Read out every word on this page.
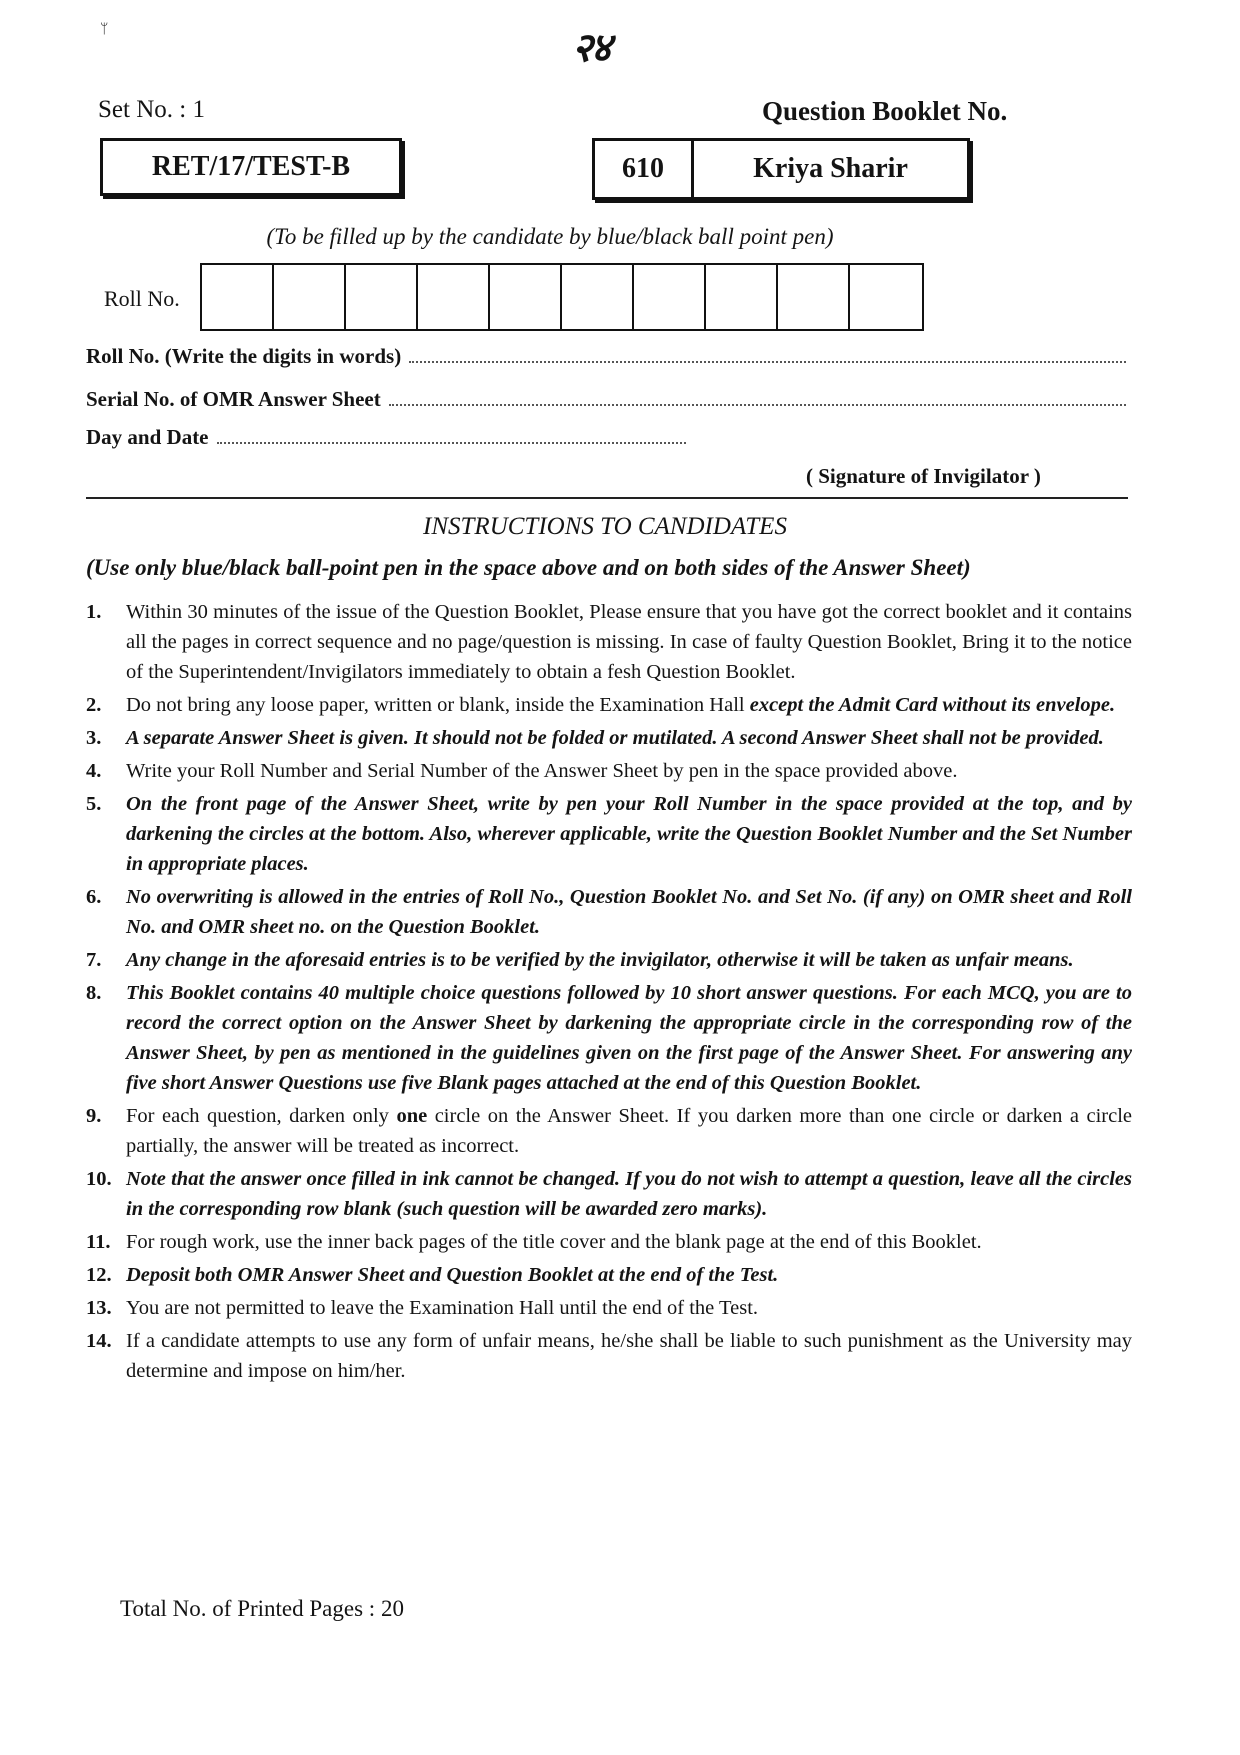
ᛘ	२४
Set No. : 1	Question Booklet No.
RET/17/TEST-B	610	Kriya Sharir
(To be filled up by the candidate by blue/black ball point pen)
Roll No.
Roll No. (Write the digits in words)
Serial No. of OMR Answer Sheet
Day and Date
( Signature of Invigilator )
INSTRUCTIONS TO CANDIDATES
(Use only blue/black ball-point pen in the space above and on both sides of the Answer Sheet)
1.	Within 30 minutes of the issue of the Question Booklet, Please ensure that you have got the correct booklet and it contains all the pages in correct sequence and no page/question is missing. In case of faulty Question Booklet, Bring it to the notice of the Superintendent/Invigilators immediately to obtain a fesh Question Booklet.
2.	Do not bring any loose paper, written or blank, inside the Examination Hall except the Admit Card without its envelope.
3.	A separate Answer Sheet is given. It should not be folded or mutilated. A second Answer Sheet shall not be provided.
4.	Write your Roll Number and Serial Number of the Answer Sheet by pen in the space provided above.
5.	On the front page of the Answer Sheet, write by pen your Roll Number in the space provided at the top, and by darkening the circles at the bottom. Also, wherever applicable, write the Question Booklet Number and the Set Number in appropriate places.
6.	No overwriting is allowed in the entries of Roll No., Question Booklet No. and Set No. (if any) on OMR sheet and Roll No. and OMR sheet no. on the Question Booklet.
7.	Any change in the aforesaid entries is to be verified by the invigilator, otherwise it will be taken as unfair means.
8.	This Booklet contains 40 multiple choice questions followed by 10 short answer questions. For each MCQ, you are to record the correct option on the Answer Sheet by darkening the appropriate circle in the corresponding row of the Answer Sheet, by pen as mentioned in the guidelines given on the first page of the Answer Sheet. For answering any five short Answer Questions use five Blank pages attached at the end of this Question Booklet.
9.	For each question, darken only one circle on the Answer Sheet. If you darken more than one circle or darken a circle partially, the answer will be treated as incorrect.
10. Note that the answer once filled in ink cannot be changed. If you do not wish to attempt a question, leave all the circles in the corresponding row blank (such question will be awarded zero marks).
11. For rough work, use the inner back pages of the title cover and the blank page at the end of this Booklet.
12. Deposit both OMR Answer Sheet and Question Booklet at the end of the Test.
13. You are not permitted to leave the Examination Hall until the end of the Test.
14. If a candidate attempts to use any form of unfair means, he/she shall be liable to such punishment as the University may determine and impose on him/her.
Total No. of Printed Pages : 20
